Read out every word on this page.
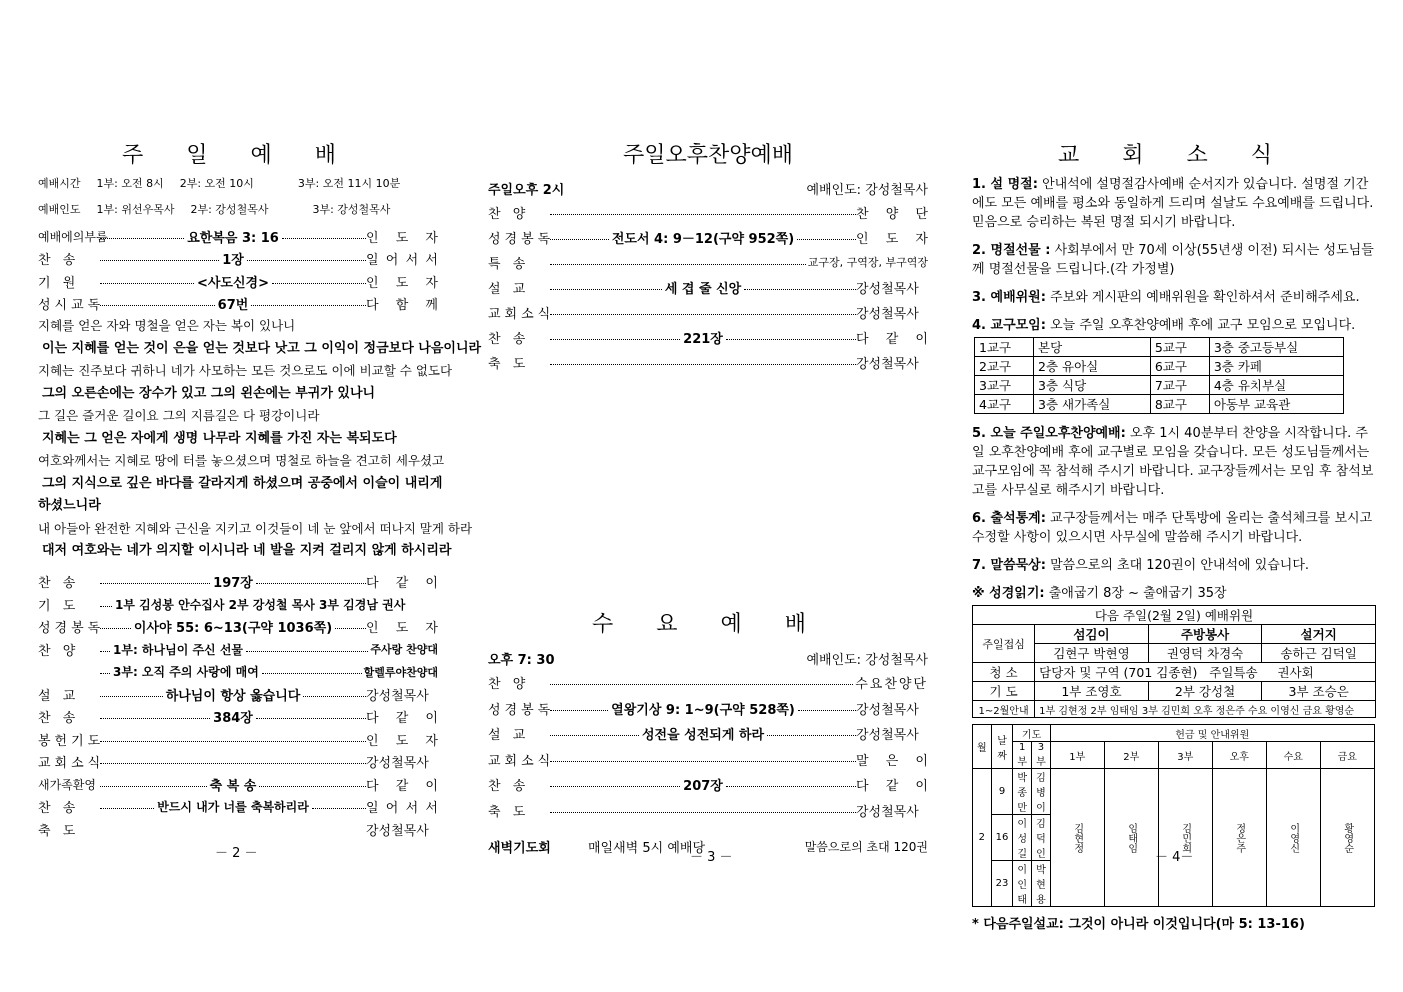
주 일 예 배
예배시간 1부: 오전 8시 2부: 오전 10시	3부: 오전 11시 10분
예배인도 1부: 위선우목사 2부: 강성철목사	3부: 강성철목사
예배에의부름	요한복음 3: 16	인 도 자
찬 송	1장	일 어 서 서
기 원	<사도신경>	인 도 자
성시교독	67번	다 함 께
지혜를 얻은 자와 명철을 얻은 자는 복이 있나니
이는 지혜를 얻는 것이 은을 얻는 것보다 낫고 그 이익이 정금보다 나음이니라
지혜는 진주보다 귀하니 네가 사모하는 모든 것으로도 이에 비교할 수 없도다
그의 오른손에는 장수가 있고 그의 왼손에는 부귀가 있나니
그 길은 즐거운 길이요 그의 지름길은 다 평강이니라
지혜는 그 얻은 자에게 생명 나무라 지혜를 가진 자는 복되도다
여호와께서는 지혜로 땅에 터를 놓으셨으며 명철로 하늘을 견고히 세우셨고
그의 지식으로 깊은 바다를 갈라지게 하셨으며 공중에서 이슬이 내리게
하셨느니라
내 아들아 완전한 지혜와 근신을 지키고 이것들이 네 눈 앞에서 떠나지 말게 하라
대저 여호와는 네가 의지할 이시니라 네 발을 지켜 걸리지 않게 하시리라
찬 송	197장	다 같 이
기 도	1부 김성봉 안수집사 2부 강성철 목사 3부 김경남 권사
성경봉독 이사야 55: 6~13(구약 1036쪽)	인 도 자
찬 양	1부: 하나님이 주신 선물	주사랑 찬양대
3부: 오직 주의 사랑에 매여	할렐루야찬양대
설 교	하나님이 항상 옳습니다	강성철목사
찬 송	384장	다 같 이
봉헌기도	인 도 자
교회소식	강성철목사
새가족환영	축 복 송	다 같 이
찬 송	반드시 내가 너를 축복하리라	일 어 서 서
축 도	강성철목사
－ 2 －
주일오후찬양예배
주일오후 2시	예배인도: 강성철목사
찬 양	찬 양 단
성경봉독	전도서 4: 9－12(구약 952쪽)	인 도 자
특 송	교구장, 구역장, 부구역장
설 교	세 겹 줄 신앙	강성철목사
교회소식	강성철목사
찬 송	221장	다 같 이
축 도	강성철목사
수 요 예 배
오후 7: 30	예배인도: 강성철목사
찬 양	수요찬양단
성경봉독	열왕기상 9: 1~9(구약 528쪽)	강성철목사
설 교	성전을 성전되게 하라	강성철목사
교회소식	말 은 이
찬 송	207장	다 같 이
축 도	강성철목사
새벽기도회	매일새벽 5시 예배당	말씀으로의 초대 120권
－ 3 －
교 회 소 식

1. 설 명절: 안내석에 설명절감사예배 순서지가 있습니다. 설명절 기간에도 모든 예배를 평소와 동일하게 드리며 설날도 수요예배를 드립니다. 믿음으로 승리하는 복된 명절 되시기 바랍니다.

2. 명절선물 : 사회부에서 만 70세 이상(55년생 이전) 되시는 성도님들께 명절선물을 드립니다.(각 가정별)

3. 예배위원: 주보와 게시판의 예배위원을 확인하셔서 준비해주세요.

4. 교구모임: 오늘 주일 오후찬양예배 후에 교구 모임으로 모입니다.

1교구	본당	5교구	3층 중고등부실
2교구	2층 유아실	6교구	3층 카페
3교구	3층 식당	7교구	4층 유치부실
4교구	3층 새가족실	8교구	아동부 교육관

5. 오늘 주일오후찬양예배: 오후 1시 40분부터 찬양을 시작합니다. 주일 오후찬양예배 후에 교구별로 모임을 갖습니다. 모든 성도님들께서는 교구모임에 꼭 참석해 주시기 바랍니다. 교구장들께서는 모임 후 참석보고를 사무실로 해주시기 바랍니다.

6. 출석통계: 교구장들께서는 매주 단톡방에 올리는 출석체크를 보시고 수정할 사항이 있으시면 사무실에 말씀해 주시기 바랍니다.

7. 말씀묵상: 말씀으로의 초대 120권이 안내석에 있습니다.

※ 성경읽기: 출애굽기 8장 ~ 출애굽기 35장

다음 주일(2월 2일) 예배위원			
주일접심	섬김이	주방봉사	설거지
	김현구 박현영	권영덕 차경숙	송하근 김덕일
청 소	담당자 및 구역 (701 김종현) 주일특송 권사회		
기 도	1부 조영호	2부 강성철	3부 조승은
1~2월안내	1부 김현정 2부 임태임 3부 김민희 오후 정은주 수요 이영신 금요 황영순		
월	날짜	기도		헌금 및 안내위원					
		1부	3부	1부	2부	3부	오후	수요	금요
2	9	박종만	김병이	김현정	임태임	김민희	정은주	이영신	황영순
	16	이성길	김덕인						
	23	이인태	박현용						
* 다음주일설교: 그것이 아니라 이것입니다(마 5: 13-16)
－ 4－
